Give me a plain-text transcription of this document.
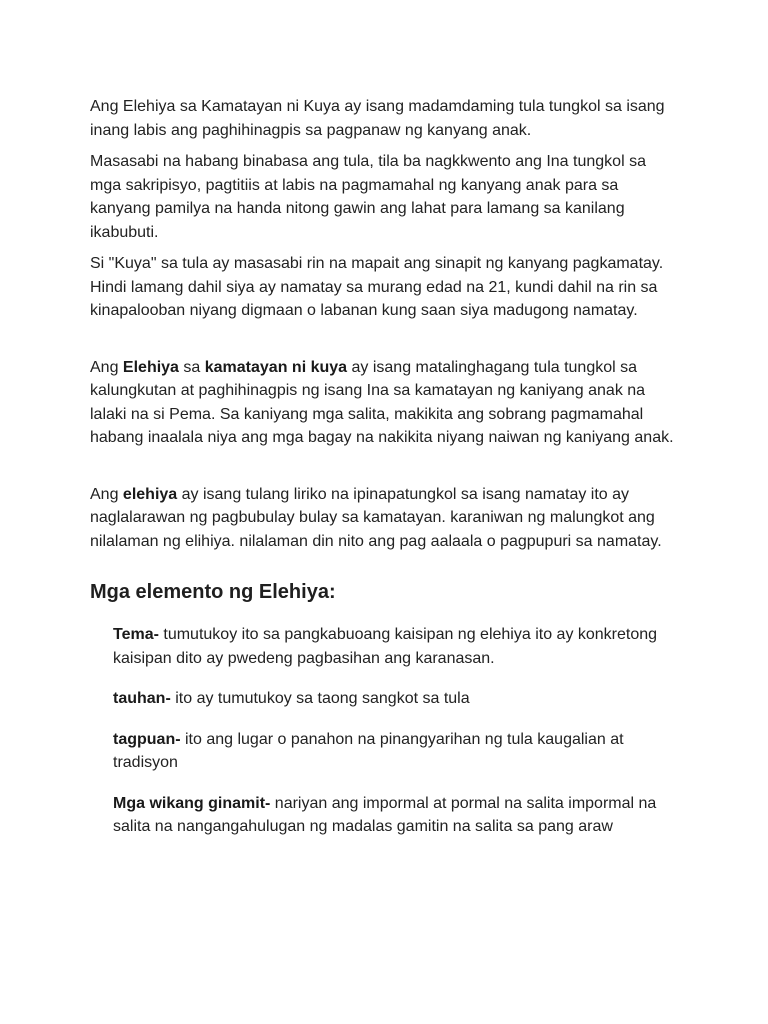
Ang Elehiya sa Kamatayan ni Kuya ay isang madamdaming tula tungkol sa isang inang labis ang paghihinagpis sa pagpanaw ng kanyang anak.

Masasabi na habang binabasa ang tula, tila ba nagkkwento ang Ina tungkol sa mga sakripisyo, pagtitiis at labis na pagmamahal ng kanyang anak para sa kanyang pamilya na handa nitong gawin ang lahat para lamang sa kanilang ikabubuti.

Si "Kuya" sa tula ay masasabi rin na mapait ang sinapit ng kanyang pagkamatay. Hindi lamang dahil siya ay namatay sa murang edad na 21, kundi dahil na rin sa kinapalooban niyang digmaan o labanan kung saan siya madugong namatay.

Ang Elehiya sa kamatayan ni kuya ay isang matalinghagang tula tungkol sa kalungkutan at paghihinagpis ng isang Ina sa kamatayan ng kaniyang anak na lalaki na si Pema. Sa kaniyang mga salita, makikita ang sobrang pagmamahal habang inaalala niya ang mga bagay na nakikita niyang naiwan ng kaniyang anak.

Ang elehiya ay isang tulang liriko na ipinapatungkol sa isang namatay ito ay naglalarawan ng pagbubulay bulay sa kamatayan. karaniwan ng malungkot ang nilalaman ng elihiya. nilalaman din nito ang pag aalaala o pagpupuri sa namatay.

Mga elemento ng Elehiya:

Tema- tumutukoy ito sa pangkabuoang kaisipan ng elehiya ito ay konkretong kaisipan dito ay pwedeng pagbasihan ang karanasan.

tauhan- ito ay tumutukoy sa taong sangkot sa tula

tagpuan- ito ang lugar o panahon na pinangyarihan ng tula kaugalian at tradisyon

Mga wikang ginamit- nariyan ang impormal at pormal na salita impormal na salita na nangangahulugan ng madalas gamitin na salita sa pang araw
